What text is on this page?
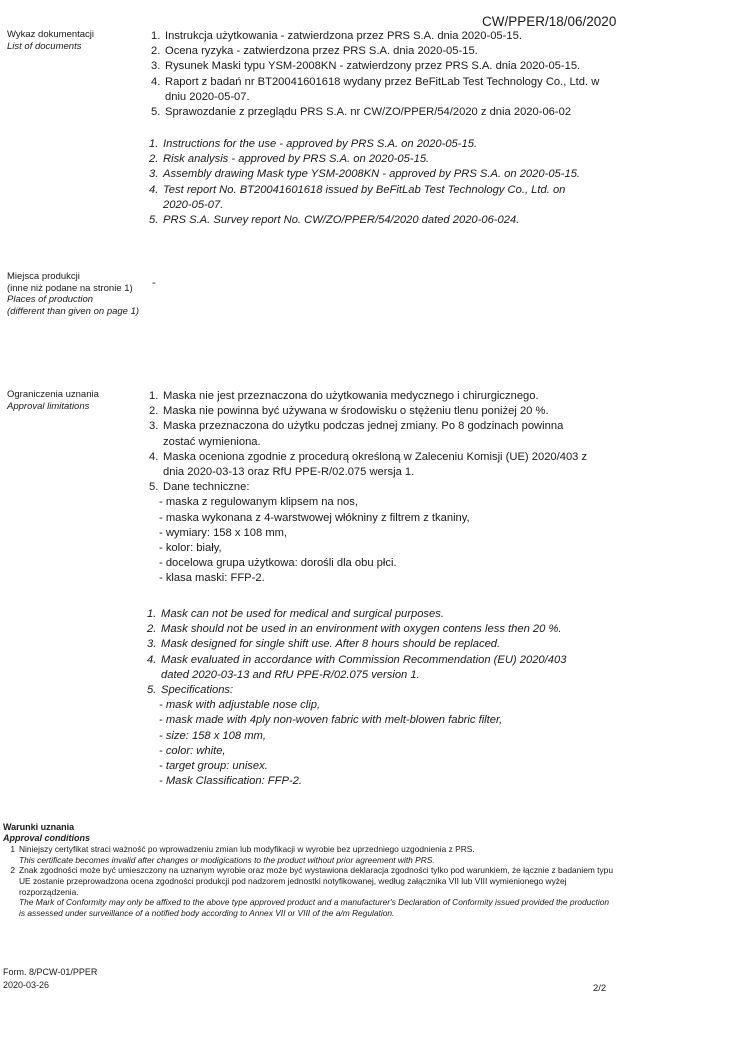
CW/PPER/18/06/2020
Wykaz dokumentacji
List of documents
1. Instrukcja użytkowania - zatwierdzona przez PRS S.A. dnia 2020-05-15.
2. Ocena ryzyka - zatwierdzona przez PRS S.A. dnia 2020-05-15.
3. Rysunek Maski typu YSM-2008KN - zatwierdzony przez PRS S.A. dnia 2020-05-15.
4. Raport z badań nr BT20041601618 wydany przez BeFitLab Test Technology Co., Ltd. w dniu 2020-05-07.
5. Sprawozdanie z przeglądu PRS S.A. nr CW/ZO/PPER/54/2020 z dnia 2020-06-02
1. Instructions for the use - approved by PRS S.A. on 2020-05-15.
2. Risk analysis - approved by PRS S.A. on 2020-05-15.
3. Assembly drawing Mask type YSM-2008KN - approved by PRS S.A. on 2020-05-15.
4. Test report No. BT20041601618 issued by BeFitLab Test Technology Co., Ltd. on 2020-05-07.
5. PRS S.A. Survey report No. CW/ZO/PPER/54/2020 dated 2020-06-024.
Miejsca produkcji
(inne niż podane na stronie 1)
Places of production
(different than given on page 1)
-
Ograniczenia uznania
Approval limitations
1. Maska nie jest przeznaczona do użytkowania medycznego i chirurgicznego.
2. Maska nie powinna być używana w środowisku o stężeniu tlenu poniżej 20 %.
3. Maska przeznaczona do użytku podczas jednej zmiany. Po 8 godzinach powinna zostać wymieniona.
4. Maska oceniona zgodnie z procedurą określoną w Zaleceniu Komisji (UE) 2020/403 z dnia 2020-03-13 oraz RfU PPE-R/02.075 wersja 1.
5. Dane techniczne:
- maska z regulowanym klipsem na nos,
- maska wykonana z 4-warstwowej włókniny z filtrem z tkaniny,
- wymiary: 158 x 108 mm,
- kolor: biały,
- docelowa grupa użytkowa: dorośli dla obu płci.
- klasa maski: FFP-2.
1. Mask can not be used for medical and surgical purposes.
2. Mask should not be used in an environment with oxygen contens less then 20 %.
3. Mask designed for single shift use. After 8 hours should be replaced.
4. Mask evaluated in accordance with Commission Recommendation (EU) 2020/403 dated 2020-03-13 and RfU PPE-R/02.075 version 1.
5. Specifications:
- mask with adjustable nose clip,
- mask made with 4ply non-woven fabric with melt-blowen fabric filter,
- size: 158 x 108 mm,
- color: white,
- target group: unisex.
- Mask Classification: FFP-2.
Warunki uznania
Approval conditions
1 Niniejszy certyfikat straci ważność po wprowadzeniu zmian lub modyfikacji w wyrobie bez uprzedniego uzgodnienia z PRS.
This certificate becomes invalid after changes or modigications to the product without prior agreement with PRS.
2 Znak zgodności może być umieszczony na uznanym wyrobie oraz może być wystawiona deklaracja zgodności tylko pod warunkiem, że łącznie z badaniem typu UE zostanie przeprowadzona ocena zgodności produkcji pod nadzorem jednostki notyfikowanej, według załącznika VII lub VIII wymienionego wyżej rozporządzenia.
The Mark of Conformity may only be affixed to the above type approved product and a manufacturer's Declaration of Conformity issued provided the production is assessed under surveillance of a notified body according to Annex VII or VIII of the a/m Regulation.
Form. 8/PCW-01/PPER
2020-03-26	2/2
